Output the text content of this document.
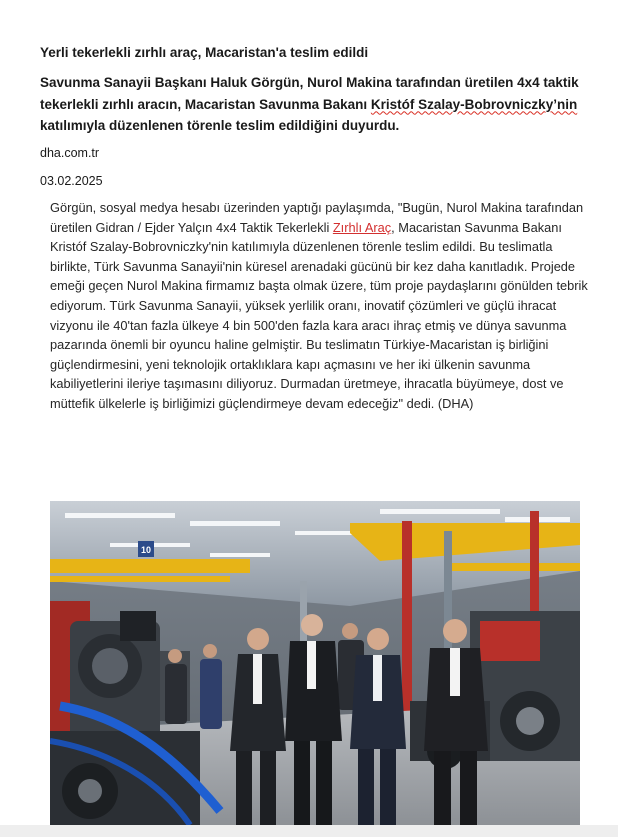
Yerli tekerlekli zırhlı araç, Macaristan'a teslim edildi

Savunma Sanayii Başkanı Haluk Görgün, Nurol Makina tarafından üretilen 4x4 taktik tekerlekli zırhlı aracın, Macaristan Savunma Bakanı Kristóf Szalay-Bobrovniczky’nin katılımıyla düzenlenen törenle teslim edildiğini duyurdu.

dha.com.tr
03.02.2025

Görgün, sosyal medya hesabı üzerinden yaptığı paylaşımda, "Bugün, Nurol Makina tarafından üretilen Gidran / Ejder Yalçın 4x4 Taktik Tekerlekli Zırhlı Araç, Macaristan Savunma Bakanı Kristóf Szalay-Bobrovniczky'nin katılımıyla düzenlenen törenle teslim edildi. Bu teslimatla birlikte, Türk Savunma Sanayii'nin küresel arenadaki gücünü bir kez daha kanıtladık. Projede emeği geçen Nurol Makina firmamız başta olmak üzere, tüm proje paydaşlarını gönülden tebrik ediyorum. Türk Savunma Sanayii, yüksek yerlilik oranı, inovatif çözümleri ve güçlü ihracat vizyonu ile 40'tan fazla ülkeye 4 bin 500'den fazla kara aracı ihraç etmiş ve dünya savunma pazarında önemli bir oyuncu haline gelmiştir. Bu teslimatın Türkiye-Macaristan iş birliğini güçlendirmesini, yeni teknolojik ortaklıklara kapı açmasını ve her iki ülkenin savunma kabiliyetlerini ileriye taşımasını diliyoruz. Durmadan üretmeye, ihracatla büyümeye, dost ve müttefik ülkelerle iş birliğimizi güçlendirmeye devam edeceğiz" dedi. (DHA)

10
